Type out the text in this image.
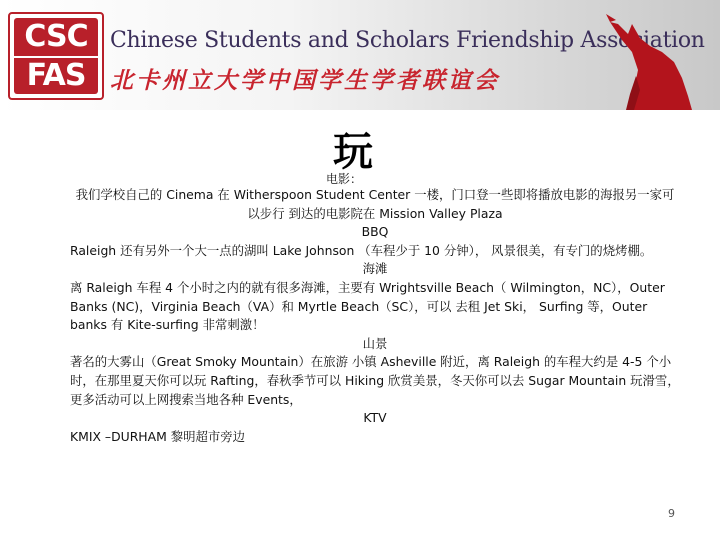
CSC
FAS
Chinese Students and Scholars Friendship Association
北卡州立大学中国学生学者联谊会
玩
电影：
我们学校自己的 Cinema 在 Witherspoon Student Center 一楼，门口登一些即将播放电影的海报另一家可以步行 到达的电影院在 Mission Valley Plaza
BBQ
Raleigh 还有另外一个大一点的湖叫 Lake Johnson （车程少于 10 分钟）， 风景很美，有专门的烧烤棚。
海滩
离 Raleigh 车程 4 个小时之内的就有很多海滩，主要有 Wrightsville Beach（ Wilmington，NC），Outer Banks (NC)，Virginia Beach（VA）和 Myrtle Beach（SC），可以 去租 Jet Ski， Surfing 等，Outer banks 有 Kite-surfing 非常刺激！
山景
著名的大雾山（Great Smoky Mountain）在旅游 小镇 Asheville 附近，离 Raleigh 的车程大约是 4-5 个小时，在那里夏天你可以玩 Rafting，春秋季节可以 Hiking 欣赏美景，冬天你可以去 Sugar Mountain 玩滑雪，更多活动可以上网搜索当地各种 Events，
KTV
KMIX –DURHAM 黎明超市旁边
9
